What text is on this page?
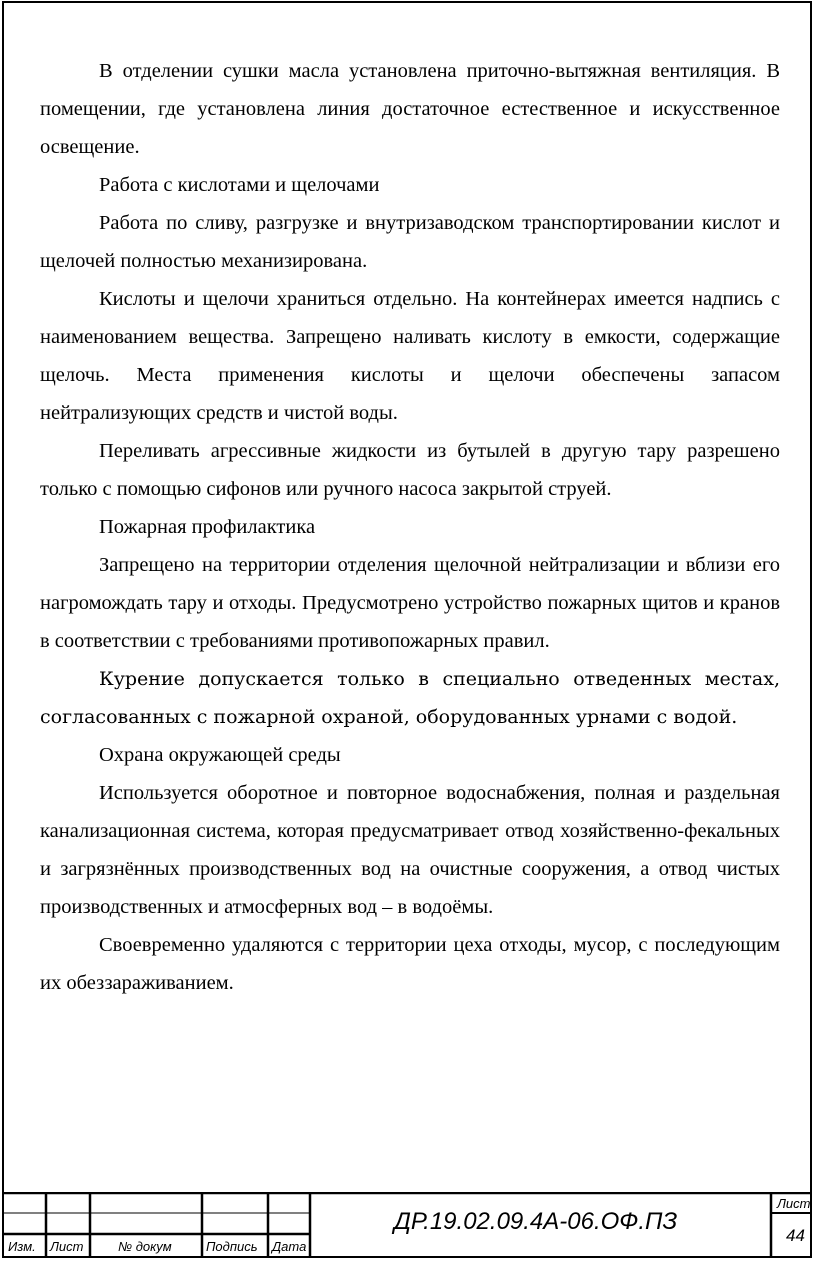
В отделении сушки масла установлена приточно-вытяжная вентиляция. В помещении, где установлена линия достаточное естественное и искусственное освещение.

Работа с кислотами и щелочами

Работа по сливу, разгрузке и внутризаводском транспортировании кислот и щелочей полностью механизирована.

Кислоты и щелочи храниться отдельно. На контейнерах имеется надпись с наименованием вещества. Запрещено наливать кислоту в емкости, содержащие щелочь. Места применения кислоты и щелочи обеспечены запасом нейтрализующих средств и чистой воды.

Переливать агрессивные жидкости из бутылей в другую тару разрешено только с помощью сифонов или ручного насоса закрытой струей.

Пожарная профилактика

Запрещено на территории отделения щелочной нейтрализации и вблизи его нагромождать тару и отходы. Предусмотрено устройство пожарных щитов и кранов в соответствии с требованиями противопожарных правил.

Курение допускается только в специально отведенных местах, согласованных с пожарной охраной, оборудованных урнами с водой.

Охрана окружающей среды

Используется оборотное и повторное водоснабжения, полная и раздельная канализационная система, которая предусматривает отвод хозяйственно-фекальных и загрязнённых производственных вод на очистные сооружения, а отвод чистых производственных и атмосферных вод – в водоёмы.

Своевременно удаляются с территории цеха отходы, мусор, с последующим их обеззараживанием.

Изм. Лист	№ докум	Подпись Дата
ДР.19.02.09.4А-06.ОФ.ПЗ
Лист
44
